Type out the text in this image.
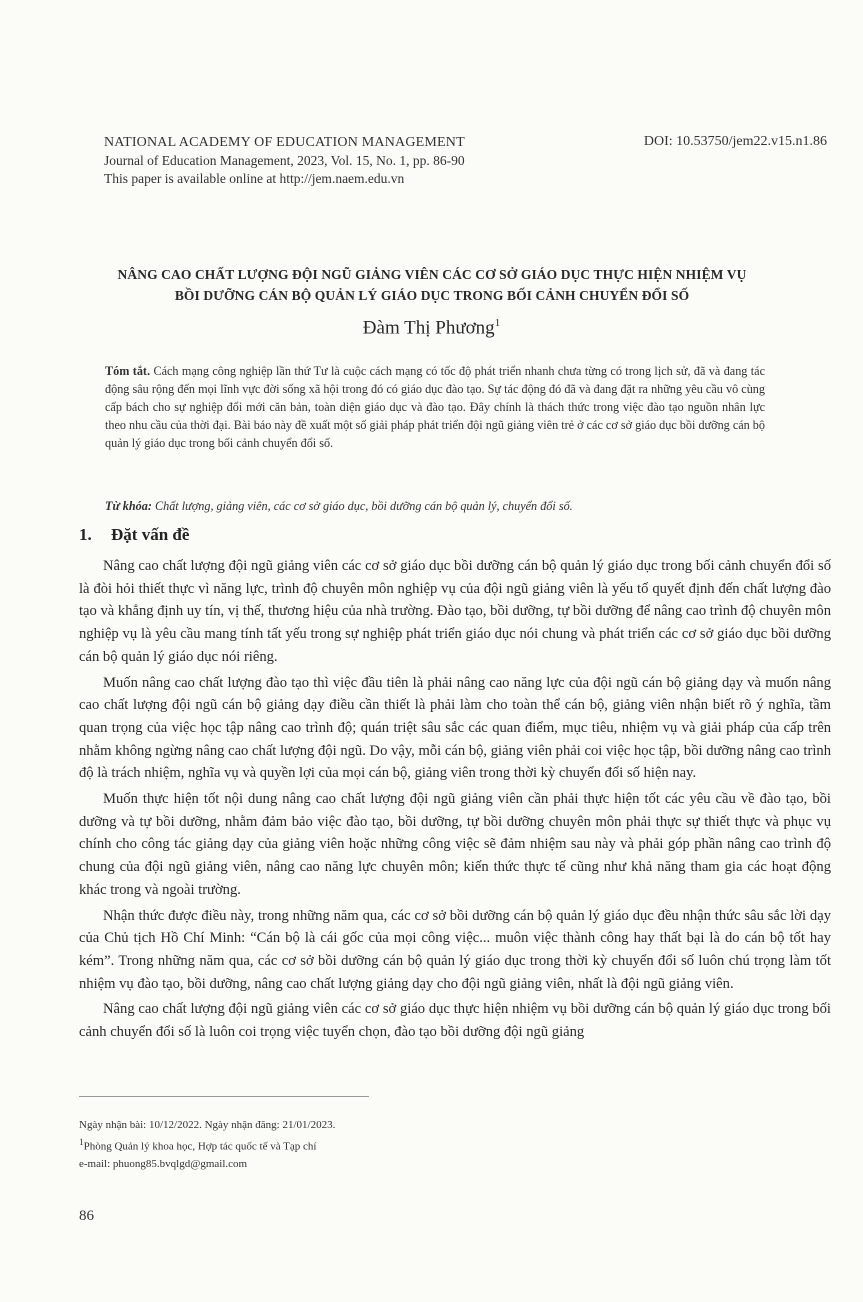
NATIONAL ACADEMY OF EDUCATION MANAGEMENT
Journal of Education Management, 2023, Vol. 15, No. 1, pp. 86-90
This paper is available online at http://jem.naem.edu.vn
DOI: 10.53750/jem22.v15.n1.86
NÂNG CAO CHẤT LƯỢNG ĐỘI NGŨ GIẢNG VIÊN CÁC CƠ SỞ GIÁO DỤC THỰC HIỆN NHIỆM VỤ
BỒI DƯỠNG CÁN BỘ QUẢN LÝ GIÁO DỤC TRONG BỐI CẢNH CHUYỂN ĐỔI SỐ
Đàm Thị Phương$^1$
Tóm tắt. Cách mạng công nghiệp lần thứ Tư là cuộc cách mạng có tốc độ phát triển nhanh chưa từng có trong lịch sử, đã và đang tác động sâu rộng đến mọi lĩnh vực đời sống xã hội trong đó có giáo dục đào tạo. Sự tác động đó đã và đang đặt ra những yêu cầu vô cùng cấp bách cho sự nghiệp đổi mới căn bản, toàn diện giáo dục và đào tạo. Đây chính là thách thức trong việc đào tạo nguồn nhân lực theo nhu cầu của thời đại. Bài báo này đề xuất một số giải pháp phát triển đội ngũ giảng viên trẻ ở các cơ sở giáo dục bồi dưỡng cán bộ quản lý giáo dục trong bối cảnh chuyển đổi số.
Từ khóa: Chất lượng, giảng viên, các cơ sở giáo dục, bồi dưỡng cán bộ quản lý, chuyển đổi số.
1. Đặt vấn đề

Nâng cao chất lượng đội ngũ giảng viên các cơ sở giáo dục bồi dưỡng cán bộ quản lý giáo dục trong bối cảnh chuyển đổi số là đòi hỏi thiết thực vì năng lực, trình độ chuyên môn nghiệp vụ của đội ngũ giảng viên là yếu tố quyết định đến chất lượng đào tạo và khẳng định uy tín, vị thế, thương hiệu của nhà trường. Đào tạo, bồi dưỡng, tự bồi dưỡng để nâng cao trình độ chuyên môn nghiệp vụ là yêu cầu mang tính tất yếu trong sự nghiệp phát triển giáo dục nói chung và phát triển các cơ sở giáo dục bồi dưỡng cán bộ quản lý giáo dục nói riêng.

Muốn nâng cao chất lượng đào tạo thì việc đầu tiên là phải nâng cao năng lực của đội ngũ cán bộ giảng dạy và muốn nâng cao chất lượng đội ngũ cán bộ giảng dạy điều cần thiết là phải làm cho toàn thể cán bộ, giảng viên nhận biết rõ ý nghĩa, tầm quan trọng của việc học tập nâng cao trình độ; quán triệt sâu sắc các quan điểm, mục tiêu, nhiệm vụ và giải pháp của cấp trên nhằm không ngừng nâng cao chất lượng đội ngũ. Do vậy, mỗi cán bộ, giảng viên phải coi việc học tập, bồi dưỡng nâng cao trình độ là trách nhiệm, nghĩa vụ và quyền lợi của mọi cán bộ, giảng viên trong thời kỳ chuyển đổi số hiện nay.

Muốn thực hiện tốt nội dung nâng cao chất lượng đội ngũ giảng viên cần phải thực hiện tốt các yêu cầu về đào tạo, bồi dưỡng và tự bồi dưỡng, nhằm đảm bảo việc đào tạo, bồi dưỡng, tự bồi dưỡng chuyên môn phải thực sự thiết thực và phục vụ chính cho công tác giảng dạy của giảng viên hoặc những công việc sẽ đảm nhiệm sau này và phải góp phần nâng cao trình độ chung của đội ngũ giảng viên, nâng cao năng lực chuyên môn; kiến thức thực tế cũng như khả năng tham gia các hoạt động khác trong và ngoài trường.

Nhận thức được điều này, trong những năm qua, các cơ sở bồi dưỡng cán bộ quản lý giáo dục đều nhận thức sâu sắc lời dạy của Chủ tịch Hồ Chí Minh: “Cán bộ là cái gốc của mọi công việc... muôn việc thành công hay thất bại là do cán bộ tốt hay kém”. Trong những năm qua, các cơ sở bồi dưỡng cán bộ quản lý giáo dục trong thời kỳ chuyển đổi số luôn chú trọng làm tốt nhiệm vụ đào tạo, bồi dưỡng, nâng cao chất lượng giảng dạy cho đội ngũ giảng viên, nhất là đội ngũ giảng viên.

Nâng cao chất lượng đội ngũ giảng viên các cơ sở giáo dục thực hiện nhiệm vụ bồi dưỡng cán bộ quản lý giáo dục trong bối cảnh chuyển đổi số là luôn coi trọng việc tuyển chọn, đào tạo bồi dưỡng đội ngũ giảng

Ngày nhận bài: 10/12/2022. Ngày nhận đăng: 21/01/2023.
$^1$Phòng Quản lý khoa học, Hợp tác quốc tế và Tạp chí
e-mail: phuong85.bvqlgd@gmail.com
86
